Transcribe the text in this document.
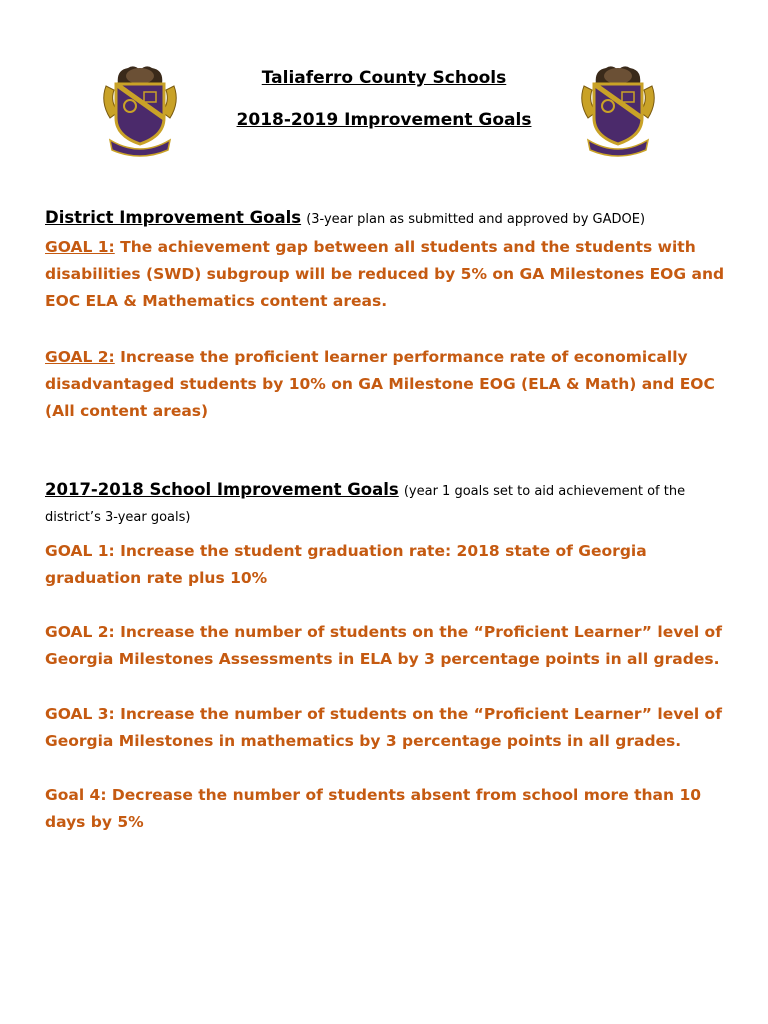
Taliaferro County Schools
2018-2019 Improvement Goals
District Improvement Goals (3-year plan as submitted and approved by GADOE)
GOAL 1: The achievement gap between all students and the students with disabilities (SWD) subgroup will be reduced by 5% on GA Milestones EOG and EOC ELA & Mathematics content areas.
GOAL 2: Increase the proficient learner performance rate of economically disadvantaged students by 10% on GA Milestone EOG (ELA & Math) and EOC (All content areas)
2017-2018 School Improvement Goals (year 1 goals set to aid achievement of the district’s 3-year goals)
GOAL 1: Increase the student graduation rate: 2018 state of Georgia graduation rate plus 10%
GOAL 2: Increase the number of students on the “Proficient Learner” level of Georgia Milestones Assessments in ELA by 3 percentage points in all grades.
GOAL 3: Increase the number of students on the “Proficient Learner” level of Georgia Milestones in mathematics by 3 percentage points in all grades.
Goal 4: Decrease the number of students absent from school more than 10 days by 5%
